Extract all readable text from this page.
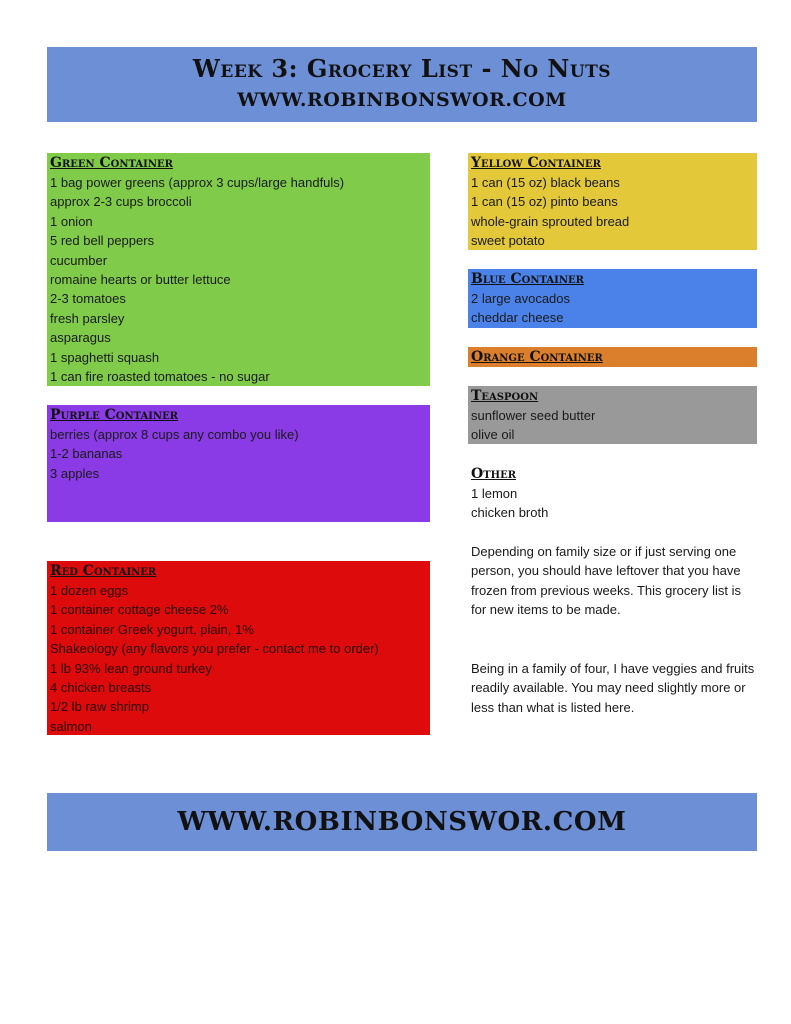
Week 3: Grocery List - No Nuts
WWW.ROBINBONSWOR.COM
Green Container
1 bag power greens (approx 3 cups/large handfuls)
approx 2-3 cups broccoli
1 onion
5 red bell peppers
cucumber
romaine hearts or butter lettuce
2-3 tomatoes
fresh parsley
asparagus
1 spaghetti squash
1 can fire roasted tomatoes - no sugar
Purple Container
berries (approx 8 cups any combo you like)
1-2 bananas
3 apples
Red Container
1 dozen eggs
1 container cottage cheese 2%
1 container Greek yogurt, plain, 1%
Shakeology (any flavors you prefer - contact me to order)
1 lb 93% lean ground turkey
4 chicken breasts
1/2 lb raw shrimp
salmon
Yellow Container
1 can (15 oz) black beans
1 can (15 oz) pinto beans
whole-grain sprouted bread
sweet potato
Blue Container
2 large avocados
cheddar cheese
Orange Container
Teaspoon
sunflower seed butter
olive oil
Other
1 lemon
chicken broth
Depending on family size or if just serving one person, you should have leftover that you have frozen from previous weeks. This grocery list is for new items to be made.
Being in a family of four, I have veggies and fruits readily available. You may need slightly more or less than what is listed here.
WWW.ROBINBONSWOR.COM
